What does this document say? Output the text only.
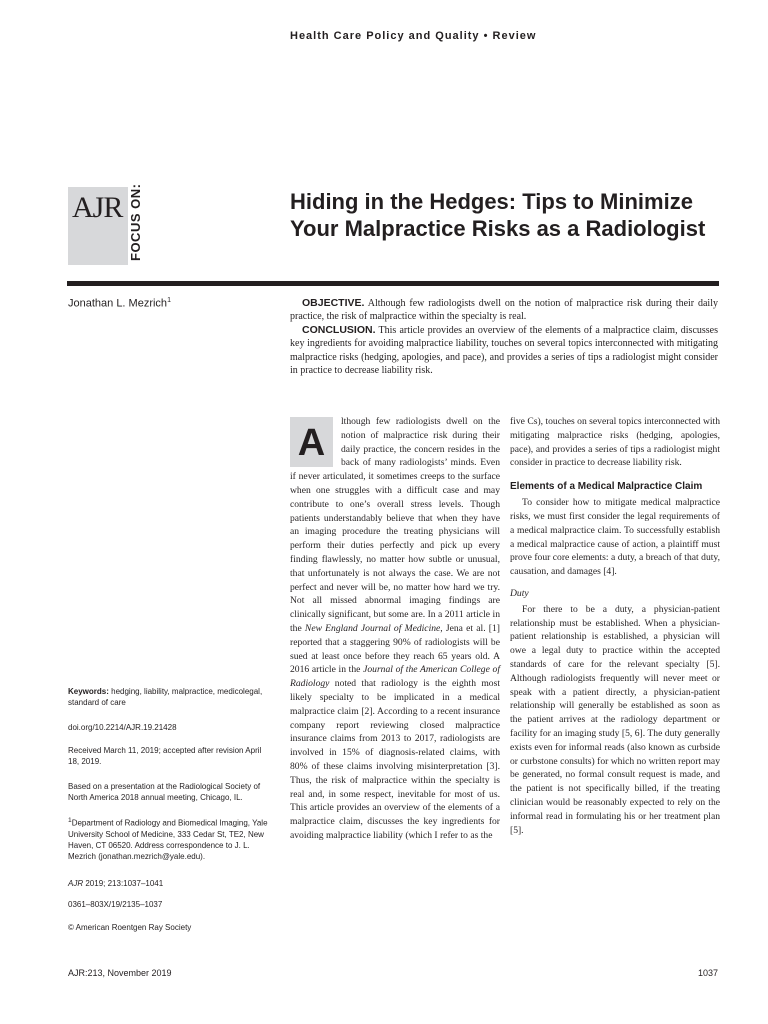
Health Care Policy and Quality • Review
AJR FOCUS ON:	Hiding in the Hedges: Tips to Minimize Your Malpractice Risks as a Radiologist
Jonathan L. Mezrich$^1$	OBJECTIVE. Although few radiologists dwell on the notion of malpractice risk during their daily practice, the risk of malpractice within the specialty is real.

CONCLUSION. This article provides an overview of the elements of a malpractice claim, discusses key ingredients for avoiding malpractice liability, touches on several topics interconnected with mitigating malpractice risks (hedging, apologies, and pace), and provides a series of tips a radiologist might consider in practice to decrease liability risk.

A
lthough few radiologists dwell on the notion of malpractice risk during their daily practice, the concern resides in the back of many radiologists’ minds. Even if never articulated, it sometimes creeps to the surface when one struggles with a difficult case and may contribute to one’s overall stress levels. Though patients understandably believe that when they have an imaging procedure the treating physicians will perform their duties perfectly and pick up every finding flawlessly, no matter how subtle or unusual, that unfortunately is not always the case. We are not perfect and never will be, no matter how hard we try. Not all missed abnormal imaging findings are clinically significant, but some are. In a 2011 article in the New England Journal of Medicine, Jena et al. [1] reported that a staggering 90% of radiologists will be sued at least once before they reach 65 years old. A 2016 article in the Journal of the American College of Radiology noted that radiology is the eighth most likely specialty to be implicated in a medical malpractice claim [2]. According to a recent insurance company report reviewing closed malpractice insurance claims from 2013 to 2017, radiologists are involved in 15% of diagnosis-related claims, with 80% of these claims involving misinterpretation [3]. Thus, the risk of malpractice within the specialty is real and, in some respect, inevitable for most of us. This article provides an overview of the elements of a malpractice claim, discusses the key ingredients for avoiding malpractice liability (which I refer to as the

five Cs), touches on several topics interconnected with mitigating malpractice risks (hedging, apologies, pace), and provides a series of tips a radiologist might consider in practice to decrease liability risk.

Elements of a Medical Malpractice Claim

To consider how to mitigate medical malpractice risks, we must first consider the legal requirements of a medical malpractice claim. To successfully establish a medical malpractice cause of action, a plaintiff must prove four core elements: a duty, a breach of that duty, causation, and damages [4].

Duty

For there to be a duty, a physician-patient relationship must be established. When a physician-patient relationship is established, a physician will owe a legal duty to practice within the accepted standards of care for the relevant specialty [5]. Although radiologists frequently will never meet or speak with a patient directly, a physician-patient relationship will generally be established as soon as the patient arrives at the radiology department or facility for an imaging study [5, 6]. The duty generally exists even for informal reads (also known as curbside or curbstone consults) for which no written report may be generated, no formal consult request is made, and the patient is not specifically billed, if the treating clinician would be reasonably expected to rely on the informal read in formulating his or her treatment plan [5].

Keywords: hedging, liability, malpractice, medicolegal, standard of care
doi.org/10.2214/AJR.19.21428
Received March 11, 2019; accepted after revision April 18, 2019.
Based on a presentation at the Radiological Society of North America 2018 annual meeting, Chicago, IL.
$^1$Department of Radiology and Biomedical Imaging, Yale University School of Medicine, 333 Cedar St, TE2, New Haven, CT 06520. Address correspondence to J. L. Mezrich (jonathan.mezrich@yale.edu).
AJR 2019; 213:1037–1041
0361–803X/19/2135–1037
© American Roentgen Ray Society
AJR:213, November 2019	1037
